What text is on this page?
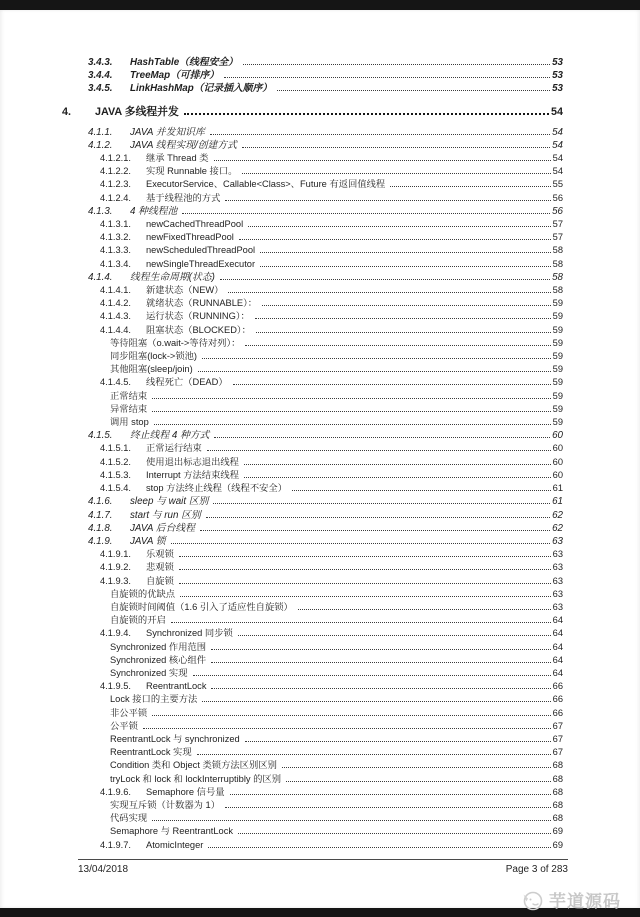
3.4.3.	HashTable（线程安全）	53
3.4.4.	TreeMap（可排序）	53
3.4.5.	LinkHashMap（记录插入顺序）	53
4.	JAVA 多线程并发	54
4.1.1.	JAVA 并发知识库	54
4.1.2.	JAVA 线程实现/创建方式	54
4.1.2.1.	继承 Thread 类	54
4.1.2.2.	实现 Runnable 接口。	54
4.1.2.3.	ExecutorService、Callable<Class>、Future 有返回值线程	55
4.1.2.4.	基于线程池的方式	56
4.1.3.	4 种线程池	56
4.1.3.1.	newCachedThreadPool	57
4.1.3.2.	newFixedThreadPool	57
4.1.3.3.	newScheduledThreadPool	58
4.1.3.4.	newSingleThreadExecutor	58
4.1.4.	线程生命周期(状态)	58
4.1.4.1.	新建状态（NEW）	58
4.1.4.2.	就绪状态（RUNNABLE）：	59
4.1.4.3.	运行状态（RUNNING）：	59
4.1.4.4.	阻塞状态（BLOCKED）：	59
等待阻塞（o.wait->等待对列）：	59
同步阻塞(lock->锁池)	59
其他阻塞(sleep/join)	59
4.1.4.5.	线程死亡（DEAD）	59
正常结束	59
异常结束	59
调用 stop	59
4.1.5.	终止线程 4 种方式	60
4.1.5.1.	正常运行结束	60
4.1.5.2.	使用退出标志退出线程	60
4.1.5.3.	Interrupt 方法结束线程	60
4.1.5.4.	stop 方法终止线程（线程不安全）	61
4.1.6.	sleep 与 wait 区别	61
4.1.7.	start 与 run 区别	62
4.1.8.	JAVA 后台线程	62
4.1.9.	JAVA 锁	63
4.1.9.1.	乐观锁	63
4.1.9.2.	悲观锁	63
4.1.9.3.	自旋锁	63
自旋锁的优缺点	63
自旋锁时间阈值（1.6 引入了适应性自旋锁）	63
自旋锁的开启	64
4.1.9.4.	Synchronized 同步锁	64
Synchronized 作用范围	64
Synchronized 核心组件	64
Synchronized 实现	64
4.1.9.5.	ReentrantLock	66
Lock 接口的主要方法	66
非公平锁	66
公平锁	67
ReentrantLock 与 synchronized	67
ReentrantLock 实现	67
Condition 类和 Object 类锁方法区别区别	68
tryLock 和 lock 和 lockInterruptibly 的区别	68
4.1.9.6.	Semaphore 信号量	68
实现互斥锁（计数器为 1）	68
代码实现	68
Semaphore 与 ReentrantLock	69
4.1.9.7.	AtomicInteger	69
13/04/2018	Page 3 of 283
芋道源码
